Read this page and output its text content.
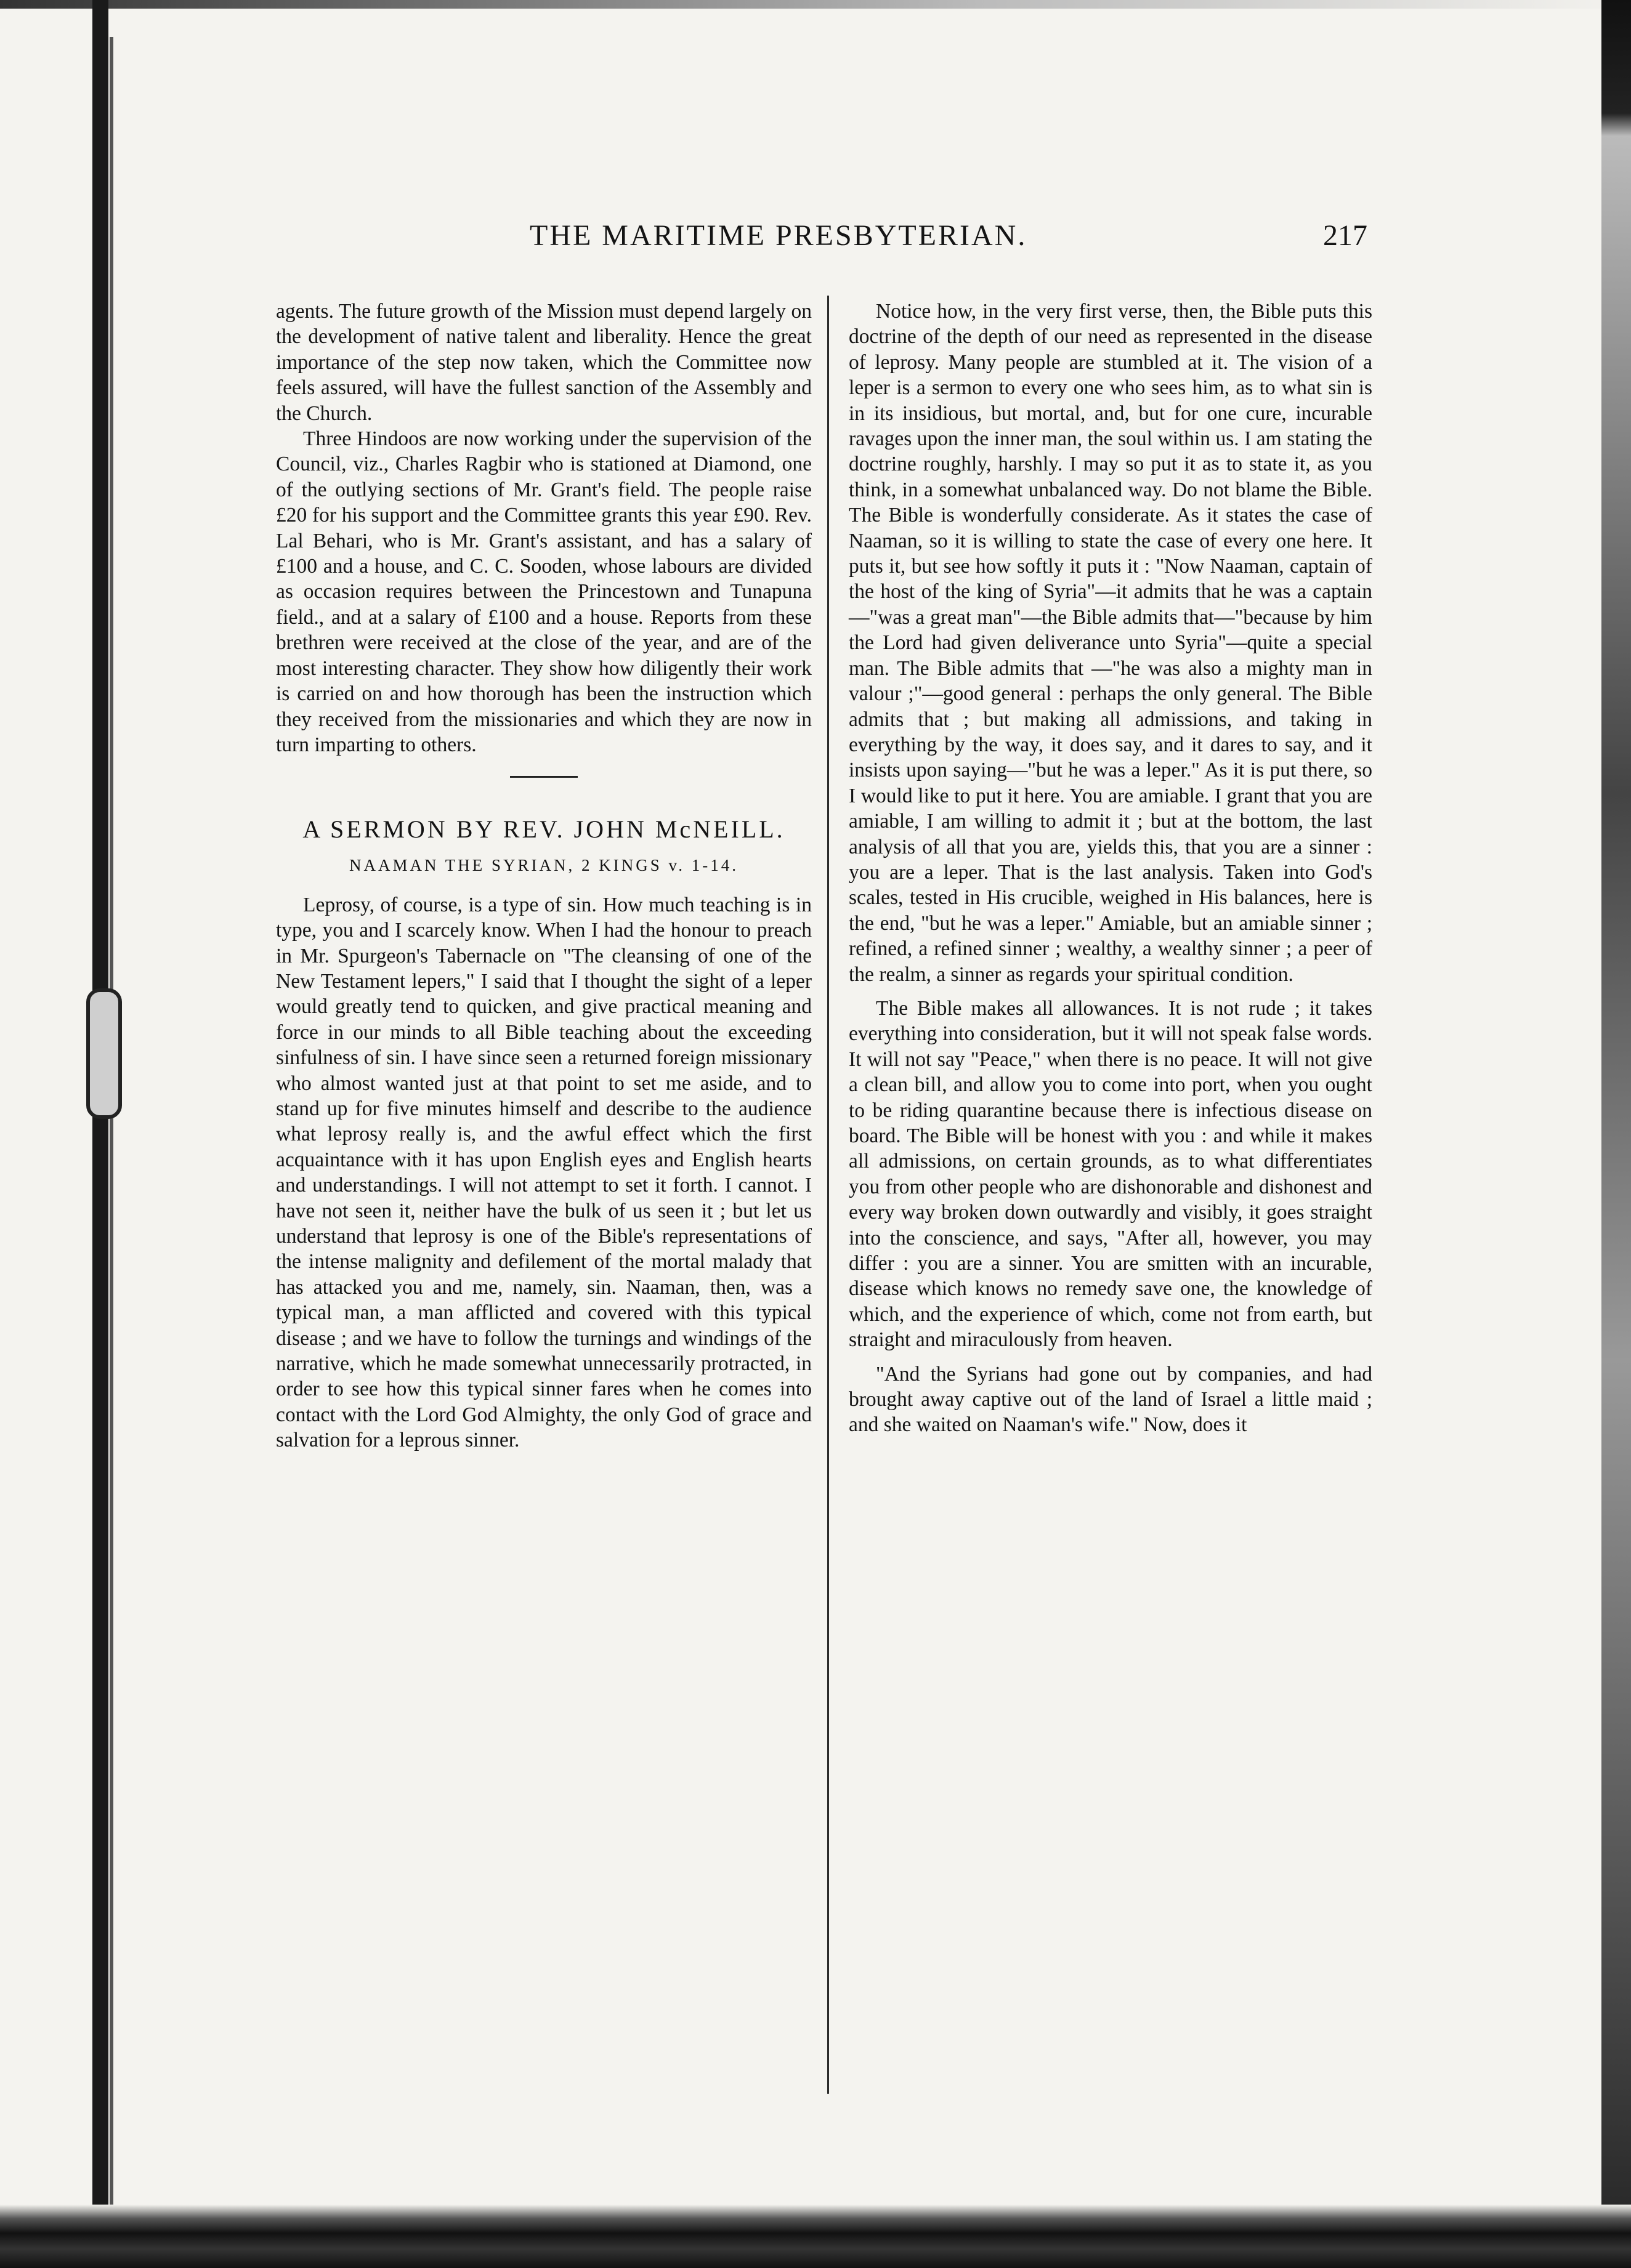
THE MARITIME PRESBYTERIAN.	217

agents. The future growth of the Mission must depend largely on the development of native talent and liberality. Hence the great importance of the step now taken, which the Committee now feels assured, will have the fullest sanction of the Assembly and the Church.

Three Hindoos are now working under the supervision of the Council, viz., Charles Ragbir who is stationed at Diamond, one of the outlying sections of Mr. Grant's field. The people raise £20 for his support and the Committee grants this year £90. Rev. Lal Behari, who is Mr. Grant's assistant, and has a salary of £100 and a house, and C. C. Sooden, whose labours are divided as occasion requires between the Princestown and Tunapuna field., and at a salary of £100 and a house. Reports from these brethren were received at the close of the year, and are of the most interesting character. They show how diligently their work is carried on and how thorough has been the instruction which they received from the missionaries and which they are now in turn imparting to others.

A SERMON BY REV. JOHN McNEILL.
NAAMAN THE SYRIAN, 2 KINGS v. 1-14.

Leprosy, of course, is a type of sin. How much teaching is in type, you and I scarcely know. When I had the honour to preach in Mr. Spurgeon's Tabernacle on "The cleansing of one of the New Testament lepers," I said that I thought the sight of a leper would greatly tend to quicken, and give practical meaning and force in our minds to all Bible teaching about the exceeding sinfulness of sin. I have since seen a returned foreign missionary who almost wanted just at that point to set me aside, and to stand up for five minutes himself and describe to the audience what leprosy really is, and the awful effect which the first acquaintance with it has upon English eyes and English hearts and understandings. I will not attempt to set it forth. I cannot. I have not seen it, neither have the bulk of us seen it ; but let us understand that leprosy is one of the Bible's representations of the intense malignity and defilement of the mortal malady that has attacked you and me, namely, sin. Naaman, then, was a typical man, a man afflicted and covered with this typical disease ; and we have to follow the turnings and windings of the narrative, which he made somewhat unnecessarily protracted, in order to see how this typical sinner fares when he comes into contact with the Lord God Almighty, the only God of grace and salvation for a leprous sinner.

Notice how, in the very first verse, then, the Bible puts this doctrine of the depth of our need as represented in the disease of leprosy. Many people are stumbled at it. The vision of a leper is a sermon to every one who sees him, as to what sin is in its insidious, but mortal, and, but for one cure, incurable ravages upon the inner man, the soul within us. I am stating the doctrine roughly, harshly. I may so put it as to state it, as you think, in a somewhat unbalanced way. Do not blame the Bible. The Bible is wonderfully considerate. As it states the case of Naaman, so it is willing to state the case of every one here. It puts it, but see how softly it puts it : "Now Naaman, captain of the host of the king of Syria"—it admits that he was a captain—"was a great man"—the Bible admits that—"because by him the Lord had given deliverance unto Syria"—quite a special man. The Bible admits that —"he was also a mighty man in valour ;"—good general : perhaps the only general. The Bible admits that ; but making all admissions, and taking in everything by the way, it does say, and it dares to say, and it insists upon saying—"but he was a leper." As it is put there, so I would like to put it here. You are amiable. I grant that you are amiable, I am willing to admit it ; but at the bottom, the last analysis of all that you are, yields this, that you are a sinner : you are a leper. That is the last analysis. Taken into God's scales, tested in His crucible, weighed in His balances, here is the end, "but he was a leper." Amiable, but an amiable sinner ; refined, a refined sinner ; wealthy, a wealthy sinner ; a peer of the realm, a sinner as regards your spiritual condition.

The Bible makes all allowances. It is not rude ; it takes everything into consideration, but it will not speak false words. It will not say "Peace," when there is no peace. It will not give a clean bill, and allow you to come into port, when you ought to be riding quarantine because there is infectious disease on board. The Bible will be honest with you : and while it makes all admissions, on certain grounds, as to what differentiates you from other people who are dishonorable and dishonest and every way broken down outwardly and visibly, it goes straight into the conscience, and says, "After all, however, you may differ : you are a sinner. You are smitten with an incurable, disease which knows no remedy save one, the knowledge of which, and the experience of which, come not from earth, but straight and miraculously from heaven.

"And the Syrians had gone out by companies, and had brought away captive out of the land of Israel a little maid ; and she waited on Naaman's wife." Now, does it
